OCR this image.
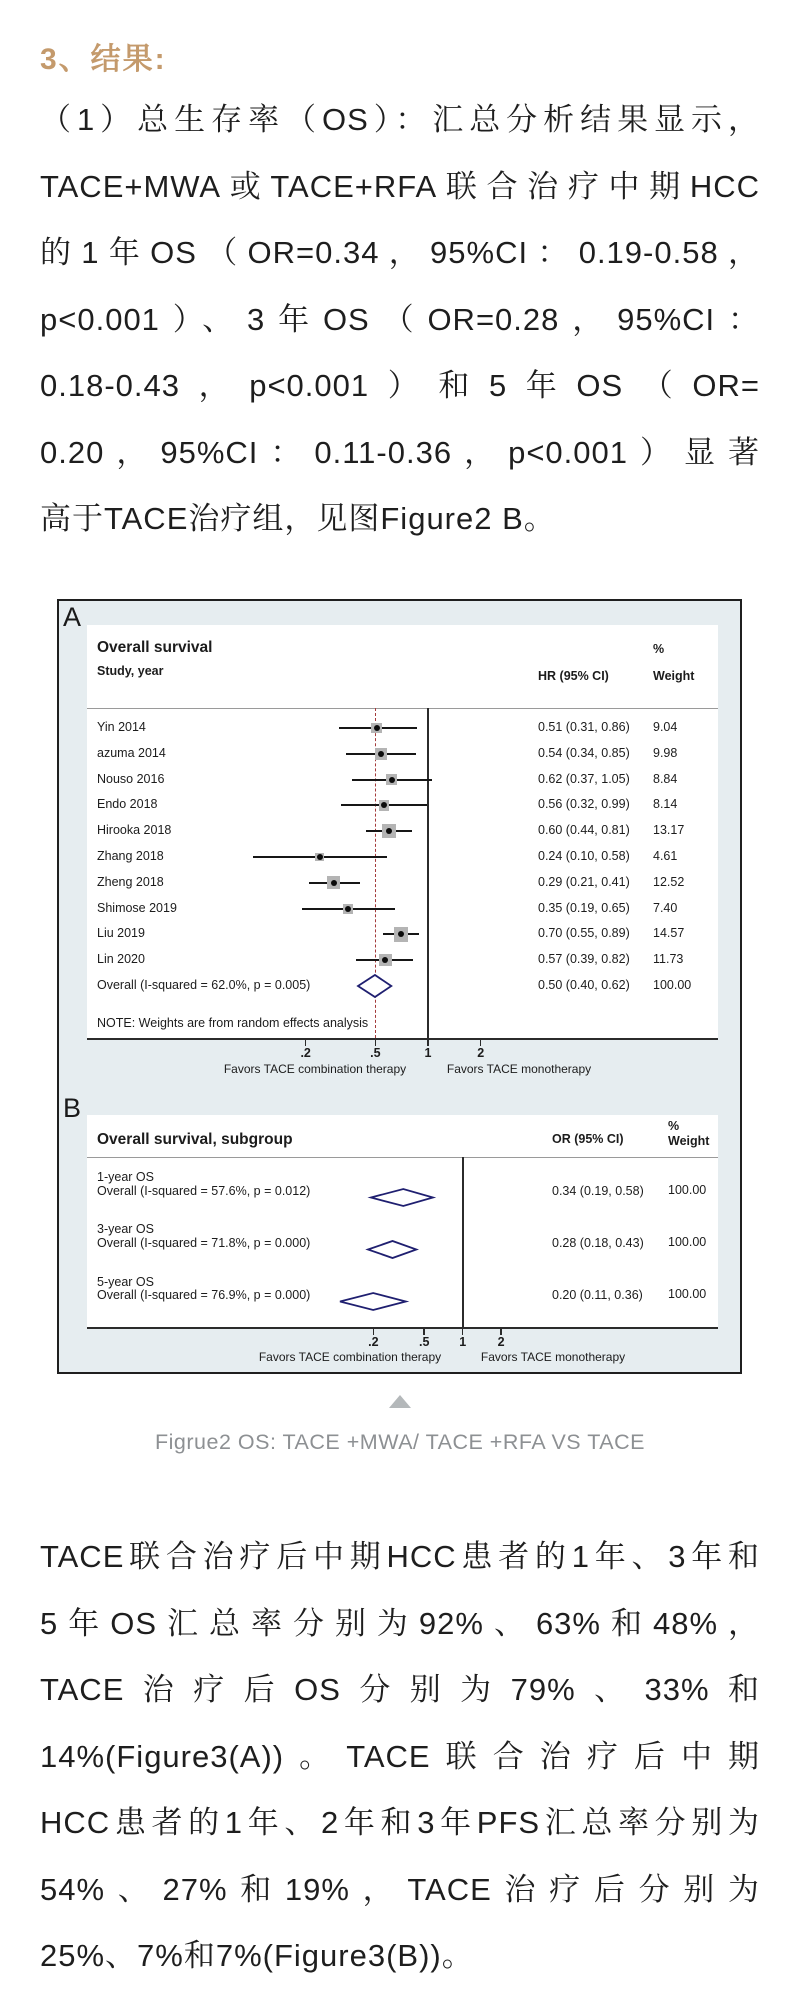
3、结果:
（1）总生存率（OS）：汇总分析结果显示，
TACE+MWA或TACE+RFA联合治疗中期HCC
的1年OS（OR=0.34，95%CI：0.19-0.58，
p<0.001）、3年OS（OR=0.28，95%CI：
0.18-0.43，p<0.001）和5年OS（OR=
0.20，95%CI：0.11-0.36，p<0.001）显著
高于TACE治疗组，见图Figure2 B。
A
Overall survival
Study, year
%
HR (95% CI)	Weight
Yin 2014	0.51 (0.31, 0.86) 9.04
azuma 2014	0.54 (0.34, 0.85) 9.98
Nouso 2016	0.62 (0.37, 1.05) 8.84
Endo 2018	0.56 (0.32, 0.99) 8.14
Hirooka 2018	0.60 (0.44, 0.81) 13.17
Zhang 2018	0.24 (0.10, 0.58) 4.61
Zheng 2018	0.29 (0.21, 0.41) 12.52
Shimose 2019	0.35 (0.19, 0.65) 7.40
Liu 2019	0.70 (0.55, 0.89) 14.57
Lin 2020	0.57 (0.39, 0.82) 11.73
Overall (I-squared = 62.0%, p = 0.005)	0.50 (0.40, 0.62) 100.00
NOTE: Weights are from random effects analysis
Favors TACE combination therapy	Favors TACE monotherapy
B
Overall survival, subgroup	OR (95% CI)
%
Weight
1-year OS
Overall (I-squared = 57.6%, p = 0.012)	0.34 (0.19, 0.58) 100.00
3-year OS
Overall (I-squared = 71.8%, p = 0.000)	0.28 (0.18, 0.43) 100.00
5-year OS
Overall (I-squared = 76.9%, p = 0.000)	0.20 (0.11, 0.36) 100.00
Favors TACE combination therapy	Favors TACE monotherapy
.2	.5	1	2
.2	.5	1	2
Figrue2 OS: TACE +MWA/ TACE +RFA VS TACE
TACE联合治疗后中期HCC患者的1年、3年和
5年OS汇总率分别为92%、63%和48%，
TACE治疗后OS分别为79%、33%和
14%(Figure3(A))。TACE联合治疗后中期
HCC患者的1年、2年和3年PFS汇总率分别为
54%、27%和19%，TACE治疗后分别为
25%、7%和7%(Figure3(B))。
